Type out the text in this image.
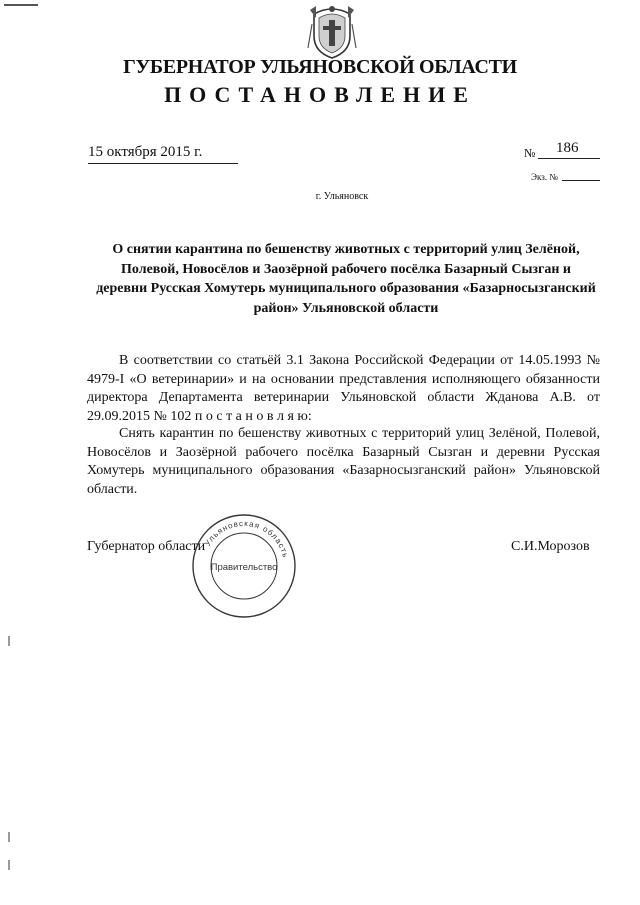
ГУБЕРНАТОР УЛЬЯНОВСКОЙ ОБЛАСТИ
ПОСТАНОВЛЕНИЕ
15 октября 2015 г.	№ 186
Экз. №
г. Ульяновск
О снятии карантина по бешенству животных с территорий улиц Зелёной, Полевой, Новосёлов и Заозёрной рабочего посёлка Базарный Сызган и деревни Русская Хомутерь муниципального образования «Базарносызганский район» Ульяновской области
В соответствии со статьёй 3.1 Закона Российской Федерации от 14.05.1993 № 4979-I «О ветеринарии» и на основании представления исполняющего обязанности директора Департамента ветеринарии Ульяновской области Жданова А.В. от 29.09.2015 № 102 п о с т а н о в л я ю:
Снять карантин по бешенству животных с территорий улиц Зелёной, Полевой, Новосёлов и Заозёрной рабочего посёлка Базарный Сызган и деревни Русская Хомутерь муниципального образования «Базарносызганский район» Ульяновской области.
Губернатор области	С.И.Морозов
Ульяновская область
Правительство
